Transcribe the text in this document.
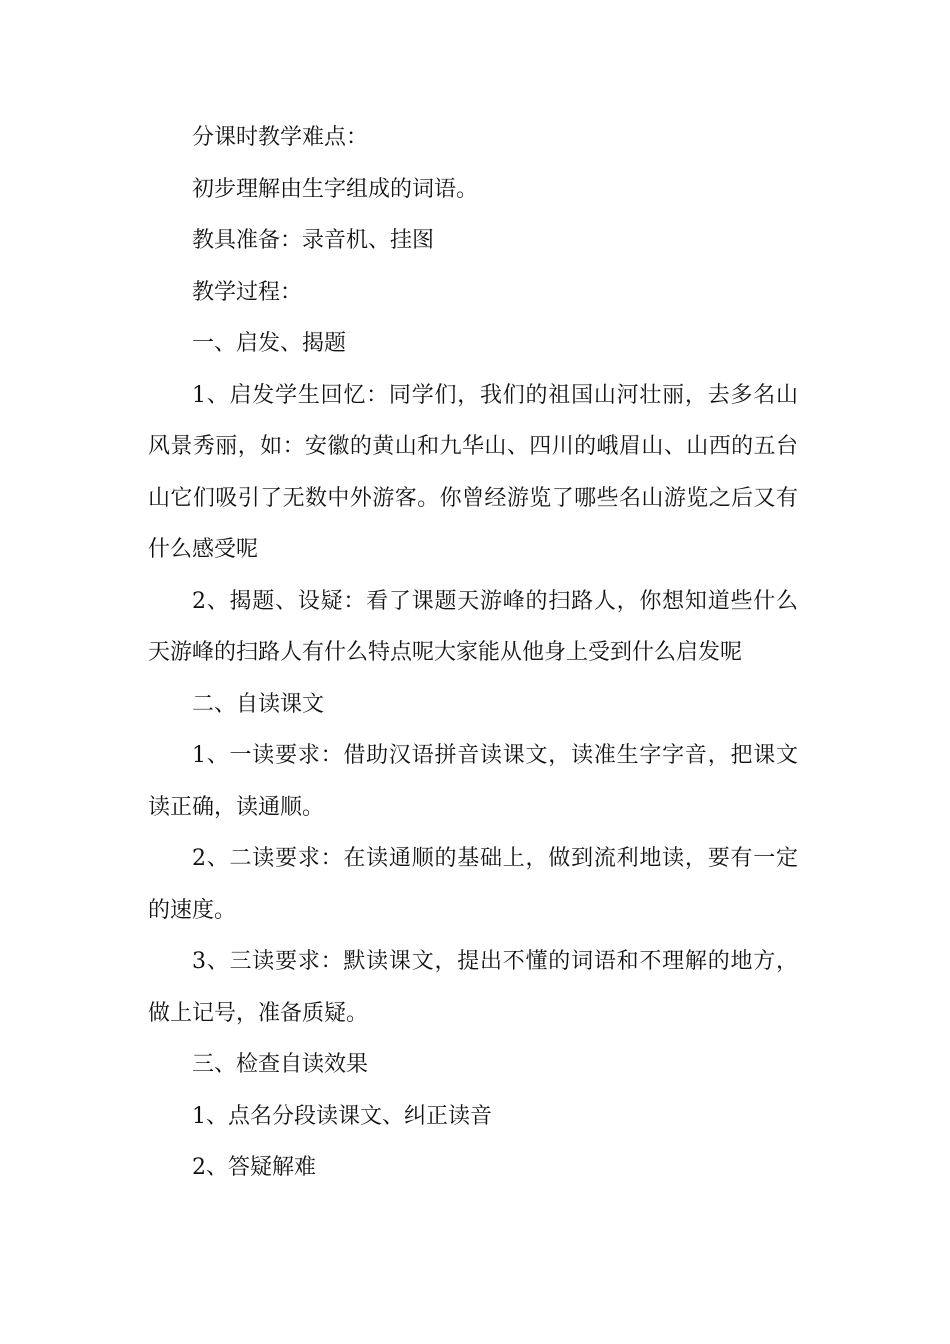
分课时教学难点：

初步理解由生字组成的词语。

教具准备：录音机、挂图

教学过程：

一、启发、揭题

1、启发学生回忆：同学们，我们的祖国山河壮丽，去多名山风景秀丽，如：安徽的黄山和九华山、四川的峨眉山、山西的五台山它们吸引了无数中外游客。你曾经游览了哪些名山游览之后又有什么感受呢

2、揭题、设疑：看了课题天游峰的扫路人，你想知道些什么天游峰的扫路人有什么特点呢大家能从他身上受到什么启发呢

二、自读课文

1、一读要求：借助汉语拼音读课文，读准生字字音，把课文读正确，读通顺。

2、二读要求：在读通顺的基础上，做到流利地读，要有一定的速度。

3、三读要求：默读课文，提出不懂的词语和不理解的地方，做上记号，准备质疑。

三、检查自读效果

1、点名分段读课文、纠正读音

2、答疑解难
